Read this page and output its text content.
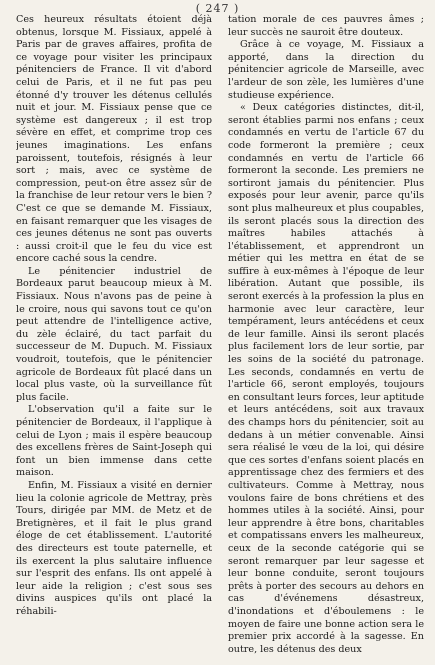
( 247 )

Ces heureux résultats étoient déjà obtenus, lorsque M. Fissiaux, appelé à Paris par de graves affaires, profita de ce voyage pour visiter les principaux pénitenciers de France. Il vit d'abord celui de Paris, et il ne fut pas peu étonné d'y trouver les détenus cellulés nuit et jour. M. Fissiaux pense que ce système est dangereux ; il est trop sévère en effet, et comprime trop ces jeunes imaginations. Les enfans paroissent, toutefois, résignés à leur sort ; mais, avec ce système de compression, peut-on être assez sûr de la franchise de leur retour vers le bien ? C'est ce que se demande M. Fissiaux, en faisant remarquer que les visages de ces jeunes détenus ne sont pas ouverts : aussi croit-il que le feu du vice est encore caché sous la cendre.

Le pénitencier industriel de Bordeaux parut beaucoup mieux à M. Fissiaux. Nous n'avons pas de peine à le croire, nous qui savons tout ce qu'on peut attendre de l'intelligence active, du zèle éclairé, du tact parfait du successeur de M. Dupuch. M. Fissiaux voudroit, toutefois, que le pénitencier agricole de Bordeaux fût placé dans un local plus vaste, où la surveillance fût plus facile.

L'observation qu'il a faite sur le pénitencier de Bordeaux, il l'applique à celui de Lyon ; mais il espère beaucoup des excellens frères de Saint-Joseph qui font un bien immense dans cette maison.

Enfin, M. Fissiaux a visité en dernier lieu la colonie agricole de Mettray, près Tours, dirigée par MM. de Metz et de Bretignères, et il fait le plus grand éloge de cet établissement. L'autorité des directeurs est toute paternelle, et ils exercent la plus salutaire influence sur l'esprit des enfans. Ils ont appelé à leur aide la religion ; c'est sous ses divins auspices qu'ils ont placé la réhabili-

tation morale de ces pauvres âmes ; leur succès ne sauroit être douteux.

Grâce à ce voyage, M. Fissiaux a apporté, dans la direction du pénitencier agricole de Marseille, avec l'ardeur de son zèle, les lumières d'une studieuse expérience.

« Deux catégories distinctes, dit-il, seront établies parmi nos enfans ; ceux condamnés en vertu de l'article 67 du code formeront la première ; ceux condamnés en vertu de l'article 66 formeront la seconde. Les premiers ne sortiront jamais du pénitencier. Plus exposés pour leur avenir, parce qu'ils sont plus malheureux et plus coupables, ils seront placés sous la direction des maîtres habiles attachés à l'établissement, et apprendront un métier qui les mettra en état de se suffire à eux-mêmes à l'époque de leur libération. Autant que possible, ils seront exercés à la profession la plus en harmonie avec leur caractère, leur tempérament, leurs antécédens et ceux de leur famille. Ainsi ils seront placés plus facilement lors de leur sortie, par les soins de la société du patronage. Les seconds, condamnés en vertu de l'article 66, seront employés, toujours en consultant leurs forces, leur aptitude et leurs antécédens, soit aux travaux des champs hors du pénitencier, soit au dedans à un métier convenable. Ainsi sera réalisé le vœu de la loi, qui désire que ces sortes d'enfans soient placés en apprentissage chez des fermiers et des cultivateurs. Comme à Mettray, nous voulons faire de bons chrétiens et des hommes utiles à la société. Ainsi, pour leur apprendre à être bons, charitables et compatissans envers les malheureux, ceux de la seconde catégorie qui se seront remarquer par leur sagesse et leur bonne conduite, seront toujours prêts à porter des secours au dehors en cas d'événemens désastreux, d'inondations et d'éboulemens : le moyen de faire une bonne action sera le premier prix accordé à la sagesse. En outre, les détenus des deux
